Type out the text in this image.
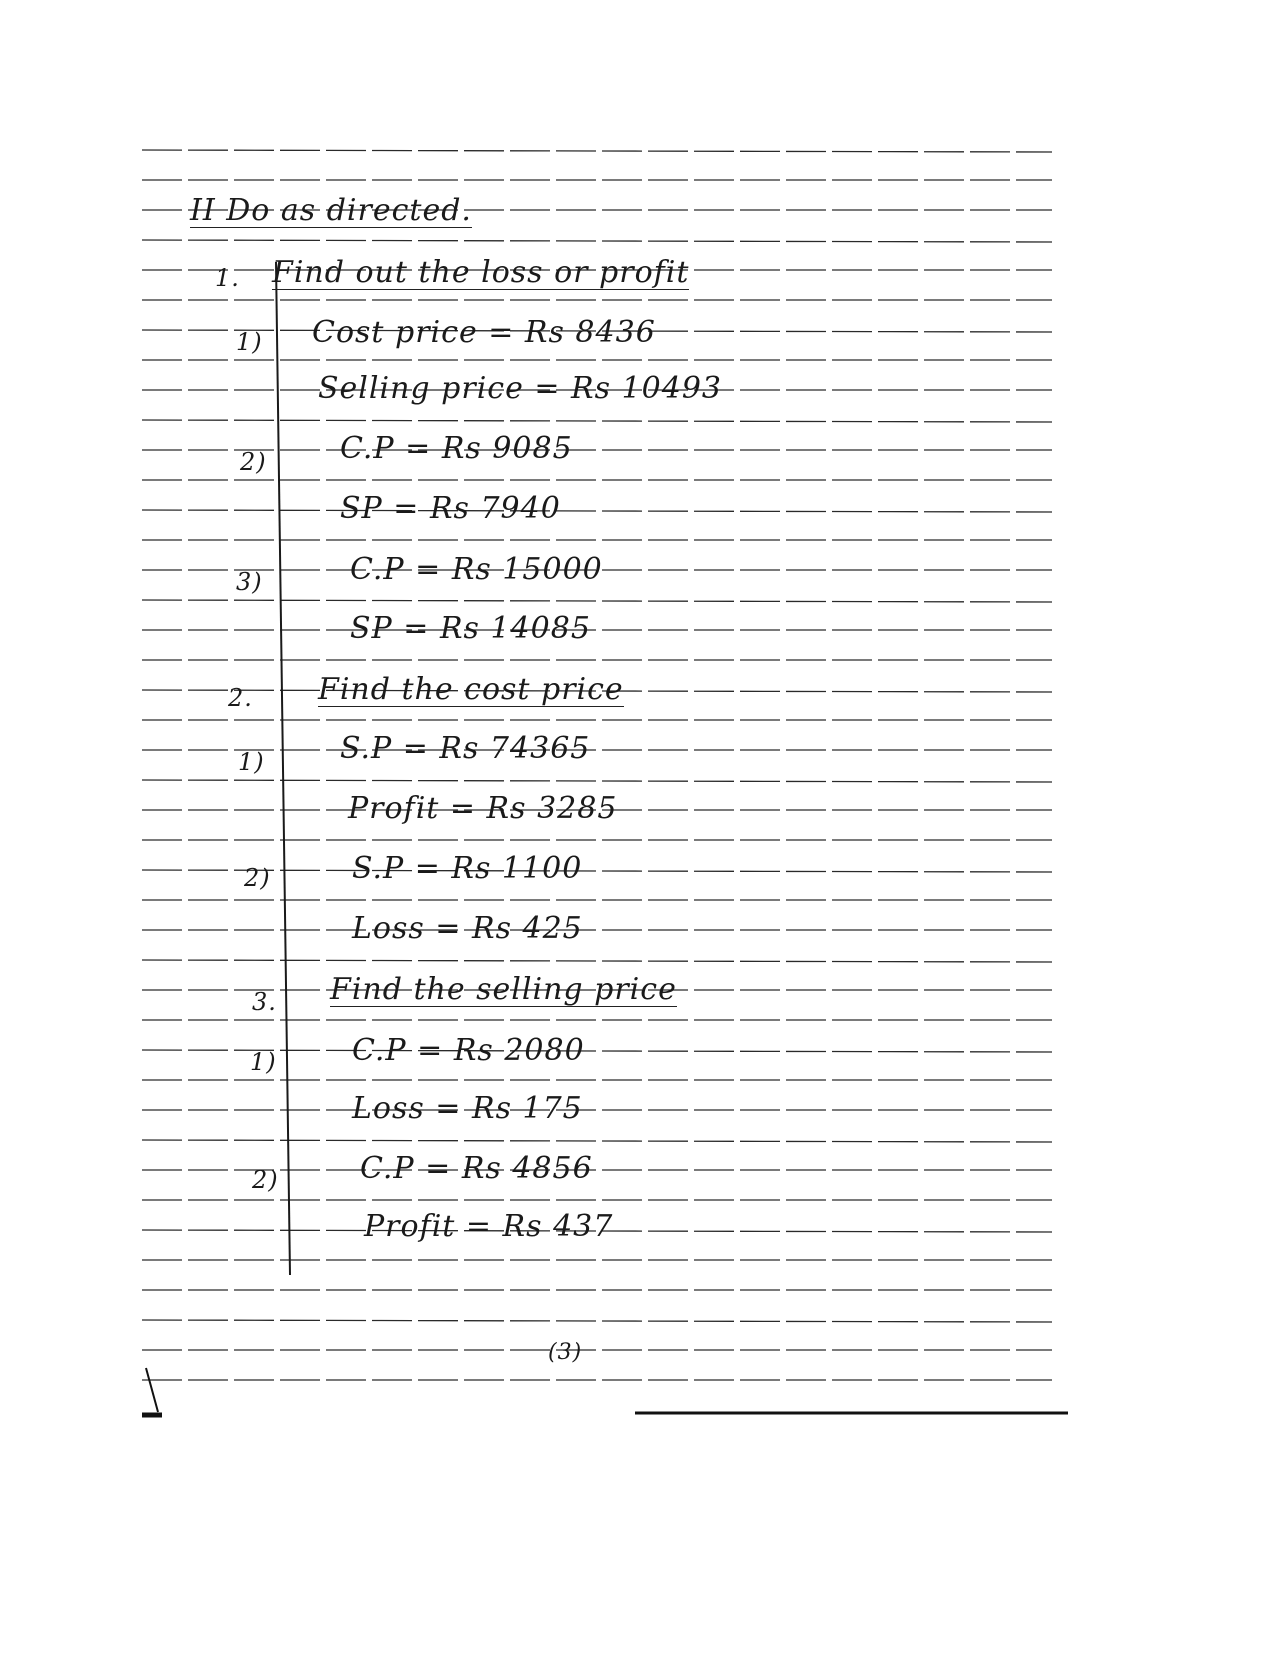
II Do as directed.
1. Find out the loss or profit
1) Cost price = Rs 8436
Selling price = Rs 10493
2) C.P = Rs 9085
SP = Rs 7940
3)	C.P = Rs 15000
SP = Rs 14085
2. Find the cost price
1)	S.P = Rs 74365
Profit = Rs 3285
2)	S.P = Rs 1100
Loss = Rs 425
3. Find the selling price
1)	C.P = Rs 2080
Loss = Rs 175
2)	C.P = Rs 4856
Profit = Rs 437
(3)
